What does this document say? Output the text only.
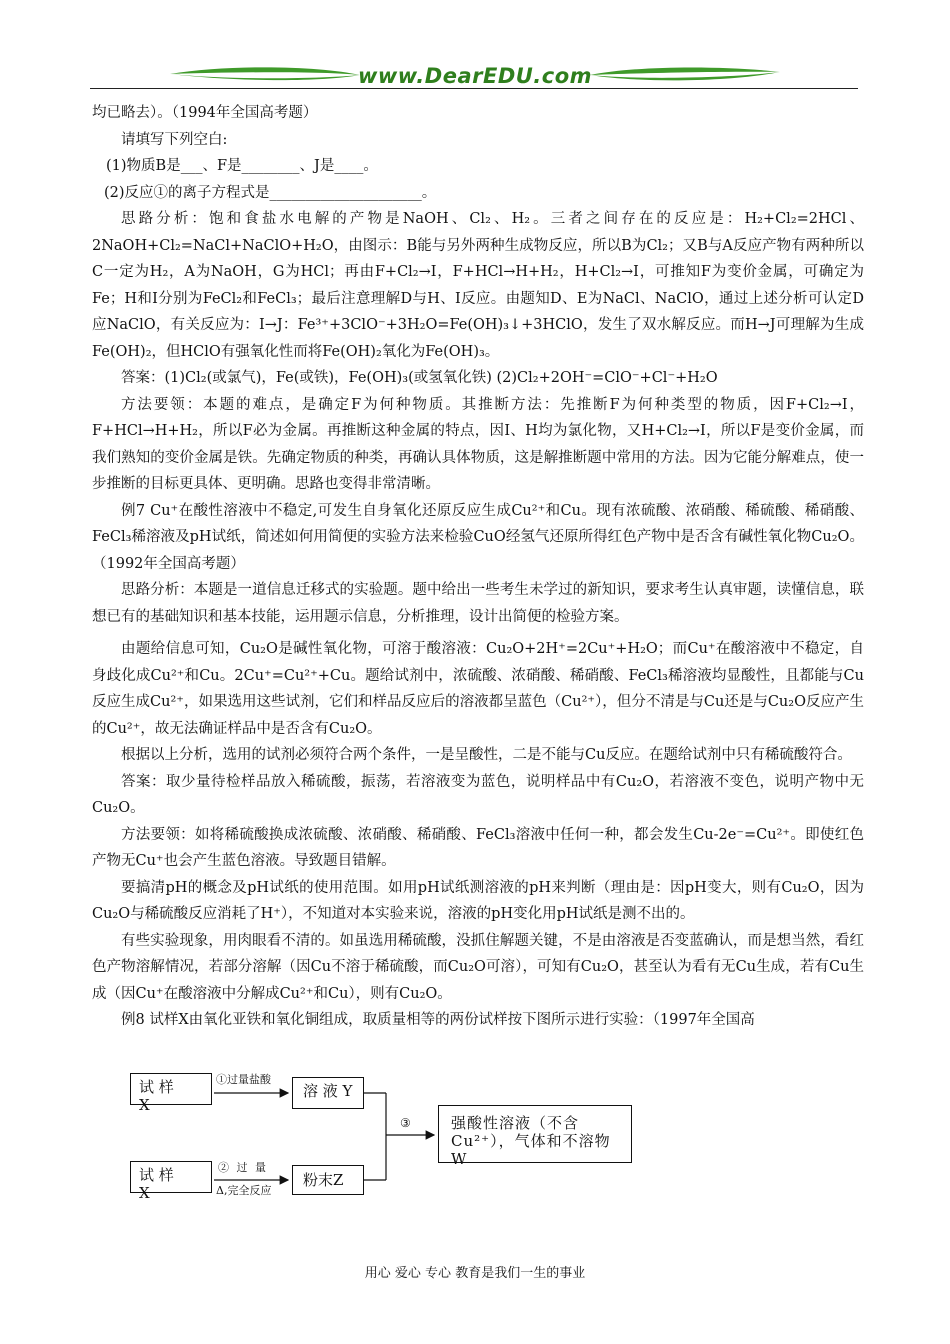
www.DearEDU.com

均已略去）。（1994年全国高考题）

请填写下列空白:

(1)物质B是___、F是________、J是____。

(2)反应①的离子方程式是_____________________。

思路分析：饱和食盐水电解的产物是NaOH、Cl₂、H₂。三者之间存在的反应是：H₂+Cl₂=2HCl、2NaOH+Cl₂=NaCl+NaClO+H₂O，由图示：B能与另外两种生成物反应，所以B为Cl₂；又B与A反应产物有两种所以C一定为H₂，A为NaOH，G为HCl；再由F+Cl₂→I，F+HCl→H+H₂，H+Cl₂→I，可推知F为变价金属，可确定为Fe；H和I分别为FeCl₂和FeCl₃；最后注意理解D与H、I反应。由题知D、E为NaCl、NaClO，通过上述分析可认定D应NaClO，有关反应为：I→J：Fe³⁺+3ClO⁻+3H₂O=Fe(OH)₃↓+3HClO，发生了双水解反应。而H→J可理解为生成Fe(OH)₂，但HClO有强氧化性而将Fe(OH)₂氧化为Fe(OH)₃。

答案：(1)Cl₂(或氯气)，Fe(或铁)，Fe(OH)₃(或氢氧化铁) (2)Cl₂+2OH⁻=ClO⁻+Cl⁻+H₂O

方法要领：本题的难点，是确定F为何种物质。其推断方法：先推断F为何种类型的物质，因F+Cl₂→I，F+HCl→H+H₂，所以F必为金属。再推断这种金属的特点，因I、H均为氯化物，又H+Cl₂→I，所以F是变价金属，而我们熟知的变价金属是铁。先确定物质的种类，再确认具体物质，这是解推断题中常用的方法。因为它能分解难点，使一步推断的目标更具体、更明确。思路也变得非常清晰。

例7 Cu⁺在酸性溶液中不稳定,可发生自身氧化还原反应生成Cu²⁺和Cu。现有浓硫酸、浓硝酸、稀硫酸、稀硝酸、FeCl₃稀溶液及pH试纸，简述如何用简便的实验方法来检验CuO经氢气还原所得红色产物中是否含有碱性氧化物Cu₂O。（1992年全国高考题）

思路分析：本题是一道信息迁移式的实验题。题中给出一些考生未学过的新知识，要求考生认真审题，读懂信息，联想已有的基础知识和基本技能，运用题示信息，分析推理，设计出简便的检验方案。

由题给信息可知，Cu₂O是碱性氧化物，可溶于酸溶液：Cu₂O+2H⁺=2Cu⁺+H₂O；而Cu⁺在酸溶液中不稳定，自身歧化成Cu²⁺和Cu。2Cu⁺=Cu²⁺+Cu。题给试剂中，浓硫酸、浓硝酸、稀硝酸、FeCl₃稀溶液均显酸性，且都能与Cu反应生成Cu²⁺，如果选用这些试剂，它们和样品反应后的溶液都呈蓝色（Cu²⁺），但分不清是与Cu还是与Cu₂O反应产生的Cu²⁺，故无法确证样品中是否含有Cu₂O。

根据以上分析，选用的试剂必须符合两个条件，一是呈酸性，二是不能与Cu反应。在题给试剂中只有稀硫酸符合。

答案：取少量待检样品放入稀硫酸，振荡，若溶液变为蓝色，说明样品中有Cu₂O，若溶液不变色，说明产物中无Cu₂O。

方法要领：如将稀硫酸换成浓硫酸、浓硝酸、稀硝酸、FeCl₃溶液中任何一种，都会发生Cu-2e⁻=Cu²⁺。即使红色产物无Cu⁺也会产生蓝色溶液。导致题目错解。

要搞清pH的概念及pH试纸的使用范围。如用pH试纸测溶液的pH来判断（理由是：因pH变大，则有Cu₂O，因为Cu₂O与稀硫酸反应消耗了H⁺），不知道对本实验来说，溶液的pH变化用pH试纸是测不出的。

有些实验现象，用肉眼看不清的。如虽选用稀硫酸，没抓住解题关键，不是由溶液是否变蓝确认，而是想当然，看红色产物溶解情况，若部分溶解（因Cu不溶于稀硫酸，而Cu₂O可溶），可知有Cu₂O，甚至认为看有无Cu生成，若有Cu生成（因Cu⁺在酸溶液中分解成Cu²⁺和Cu），则有Cu₂O。

例8 试样X由氧化亚铁和氧化铜组成，取质量相等的两份试样按下图所示进行实验：（1997年全国高

试 样 X
试 样 X
溶 液 Y
粉末Z
强酸性溶液（不含Cu²⁺），气体和不溶物W
①过量盐酸
② 过 量
Δ,完全反应
③
用心 爱心 专心 教育是我们一生的事业
